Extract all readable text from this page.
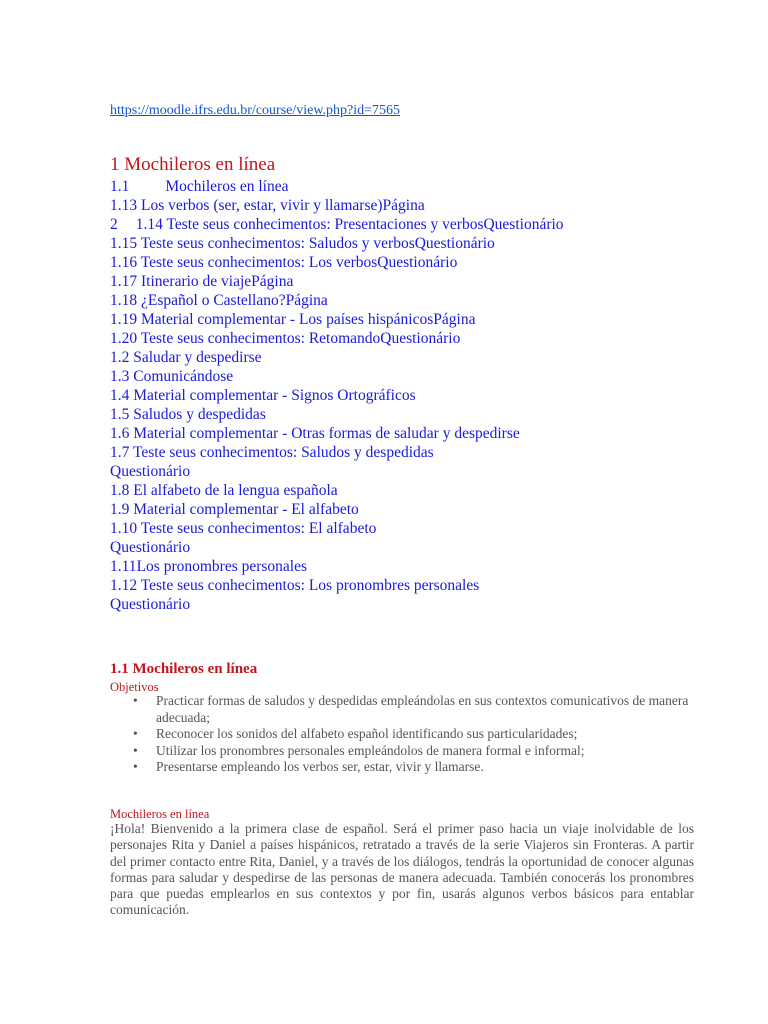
https://moodle.ifrs.edu.br/course/view.php?id=7565
1 Mochileros en línea
1.1 Mochileros en línea
1.13 Los verbos (ser, estar, vivir y llamarse)Página
2 1.14 Teste seus conhecimentos: Presentaciones y verbosQuestionário
1.15 Teste seus conhecimentos: Saludos y verbosQuestionário
1.16 Teste seus conhecimentos: Los verbosQuestionário
1.17 Itinerario de viajePágina
1.18 ¿Español o Castellano?Página
1.19 Material complementar - Los países hispánicosPágina
1.20 Teste seus conhecimentos: RetomandoQuestionário
1.2 Saludar y despedirse
1.3 Comunicándose
1.4 Material complementar - Signos Ortográficos
1.5 Saludos y despedidas
1.6 Material complementar - Otras formas de saludar y despedirse
1.7 Teste seus conhecimentos: Saludos y despedidas
Questionário
1.8 El alfabeto de la lengua española
1.9 Material complementar - El alfabeto
1.10 Teste seus conhecimentos: El alfabeto
Questionário
1.11Los pronombres personales
1.12 Teste seus conhecimentos: Los pronombres personales
Questionário
1.1 Mochileros en línea
Objetivos
• Practicar formas de saludos y despedidas empleándolas en sus contextos comunicativos de manera adecuada;
• Reconocer los sonidos del alfabeto español identificando sus particularidades;
• Utilizar los pronombres personales empleándolos de manera formal e informal;
• Presentarse empleando los verbos ser, estar, vivir y llamarse.
Mochileros en línea

¡Hola! Bienvenido a la primera clase de español. Será el primer paso hacia un viaje inolvidable de los personajes Rita y Daniel a países hispánicos, retratado a través de la serie Viajeros sin Fronteras. A partir del primer contacto entre Rita, Daniel, y a través de los diálogos, tendrás la oportunidad de conocer algunas formas para saludar y despedirse de las personas de manera adecuada. También conocerás los pronombres para que puedas emplearlos en sus contextos y por fin, usarás algunos verbos básicos para entablar comunicación.
